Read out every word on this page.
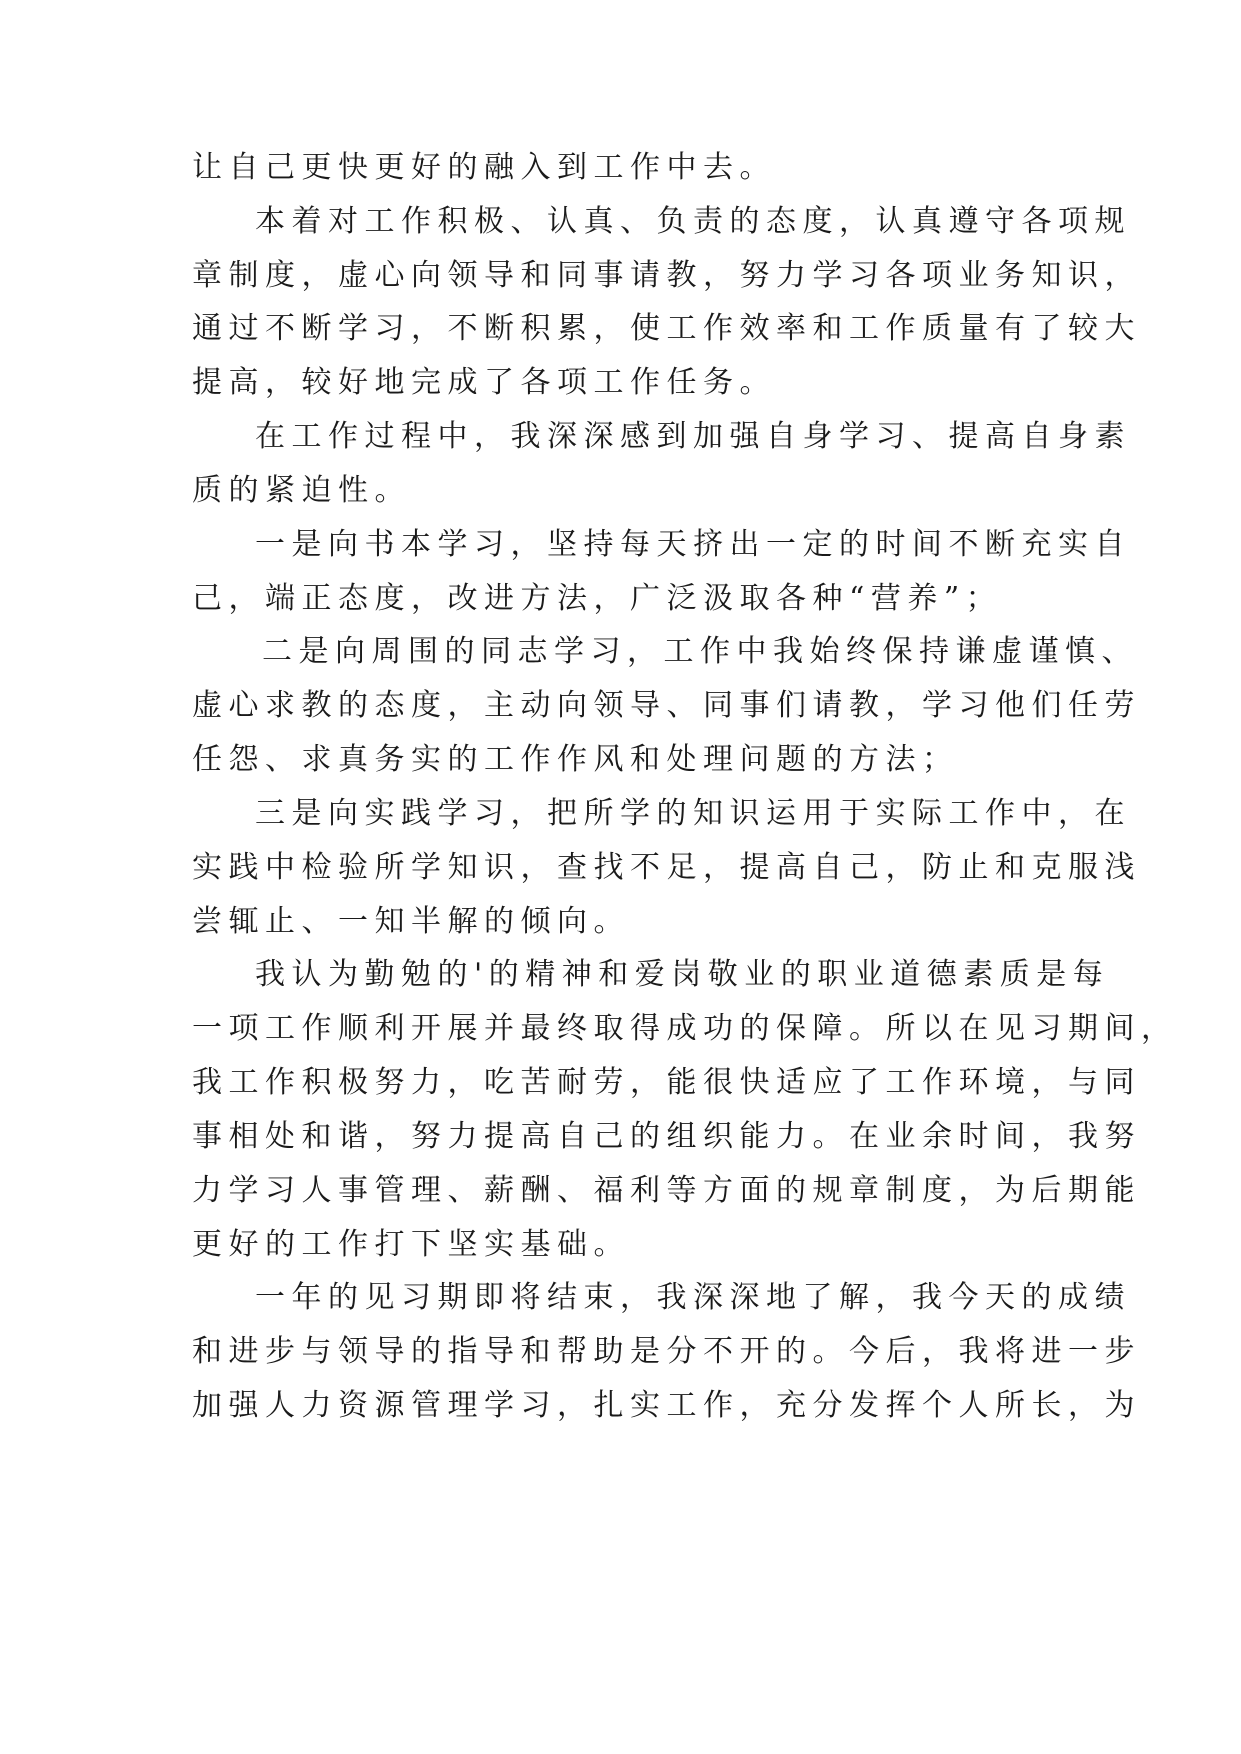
让自己更快更好的融入到工作中去。
本着对工作积极、认真、负责的态度，认真遵守各项规
章制度，虚心向领导和同事请教，努力学习各项业务知识，
通过不断学习，不断积累，使工作效率和工作质量有了较大
提高，较好地完成了各项工作任务。
在工作过程中，我深深感到加强自身学习、提高自身素
质的紧迫性。
一是向书本学习，坚持每天挤出一定的时间不断充实自
己，端正态度，改进方法，广泛汲取各种“营养”；
二是向周围的同志学习，工作中我始终保持谦虚谨慎、
虚心求教的态度，主动向领导、同事们请教，学习他们任劳
任怨、求真务实的工作作风和处理问题的方法；
三是向实践学习，把所学的知识运用于实际工作中，在
实践中检验所学知识，查找不足，提高自己，防止和克服浅
尝辄止、一知半解的倾向。
我认为勤勉的'的精神和爱岗敬业的职业道德素质是每
一项工作顺利开展并最终取得成功的保障。所以在见习期间，
我工作积极努力，吃苦耐劳，能很快适应了工作环境，与同
事相处和谐，努力提高自己的组织能力。在业余时间，我努
力学习人事管理、薪酬、福利等方面的规章制度，为后期能
更好的工作打下坚实基础。
一年的见习期即将结束，我深深地了解，我今天的成绩
和进步与领导的指导和帮助是分不开的。今后，我将进一步
加强人力资源管理学习，扎实工作，充分发挥个人所长，为
